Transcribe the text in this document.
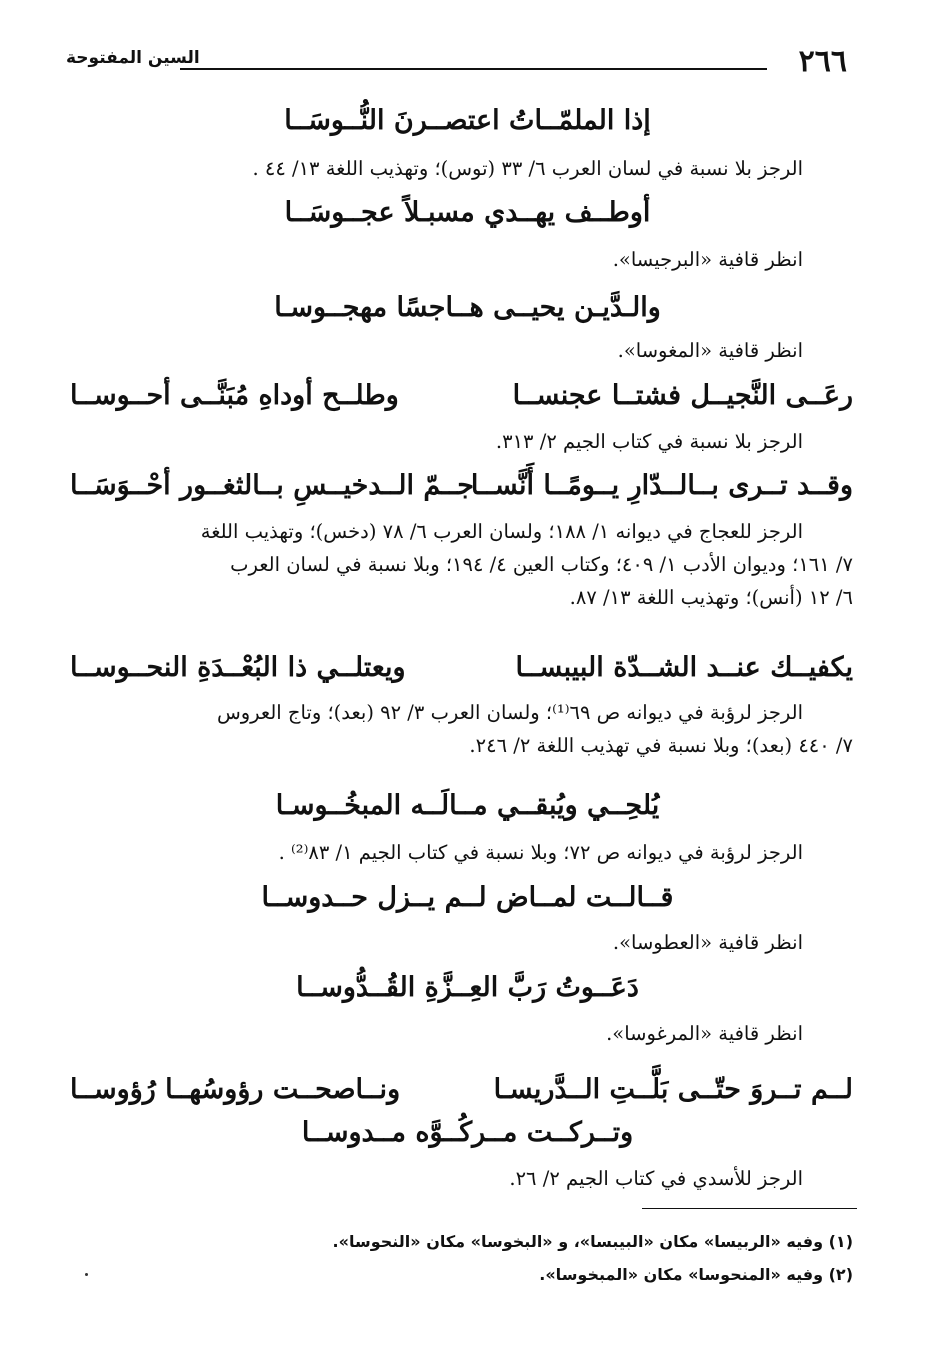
٢٦٦
السين المفتوحة
إذا الملمّــاتُ اعتصــرنَ النُّــوسَــا
الرجز بلا نسبة في لسان العرب ٦/ ٣٣ (توس)؛ وتهذيب اللغة ١٣/ ٤٤ .
أوطــف يهــدي مسبـلاً عجــوسَــا
انظر قافية «البرجيسا».
والـدَّيـن يحيــى هــاجسًا مهجــوسـا
انظر قافية «المغوسا».
رعَــى النَّجيــل فشتــا عجنســا
وطلــح أوداهِ مُبَنَّــى أحــوســا
الرجز بلا نسبة في كتاب الجيم ٢/ ٣١٣.
وقــد تــرى بــالــدّارِ يــومًــا أَنَّســا
جــمّ الــدخيــسِ بــالثغــور أحْــوَسَــا
الرجز للعجاج في ديوانه ١/ ١٨٨؛ ولسان العرب ٦/ ٧٨ (دخس)؛ وتهذيب اللغة
٧/ ١٦١؛ وديوان الأدب ١/ ٤٠٩؛ وكتاب العين ٤/ ١٩٤؛ وبلا نسبة في لسان العرب
٦/ ١٢ (أنس)؛ وتهذيب اللغة ١٣/ ٨٧.
يكفيــك عنــد الشــدّة البيبســا
ويعتلــي ذا البُعْــدَةِ النحــوســا
الرجز لرؤبة في ديوانه ص ٦٩⁽¹⁾؛ ولسان العرب ٣/ ٩٢ (بعد)؛ وتاج العروس
٧/ ٤٤٠ (بعد)؛ وبلا نسبة في تهذيب اللغة ٢/ ٢٤٦.
يُلحِــي ويُبقــي مــالَــه المبخُــوسـا
الرجز لرؤبة في ديوانه ص ٧٢؛ وبلا نسبة في كتاب الجيم ١/ ٨٣⁽²⁾ .
قــالــت لمــاض لــم يــزل حــدوســا
انظر قافية «العطوسا».
دَعَــوتُ رَبَّ العِــزَّةِ القُــدُّوســا
انظر قافية «المرغوسا».
لــم تــروَ حتّــى بَلَّــتِ الــدَّريسـا
ونــاصحــت رؤوسُهــا رُؤوســا
وتــركــت مــركُــوَّه مــدوســا
الرجز للأسدي في كتاب الجيم ٢/ ٢٦.
(١) وفيه «الربيسا» مكان «البيبسا»، و «البخوسا» مكان «النحوسا».
(٢) وفيه «المنحوسا» مكان «المبخوسا».
